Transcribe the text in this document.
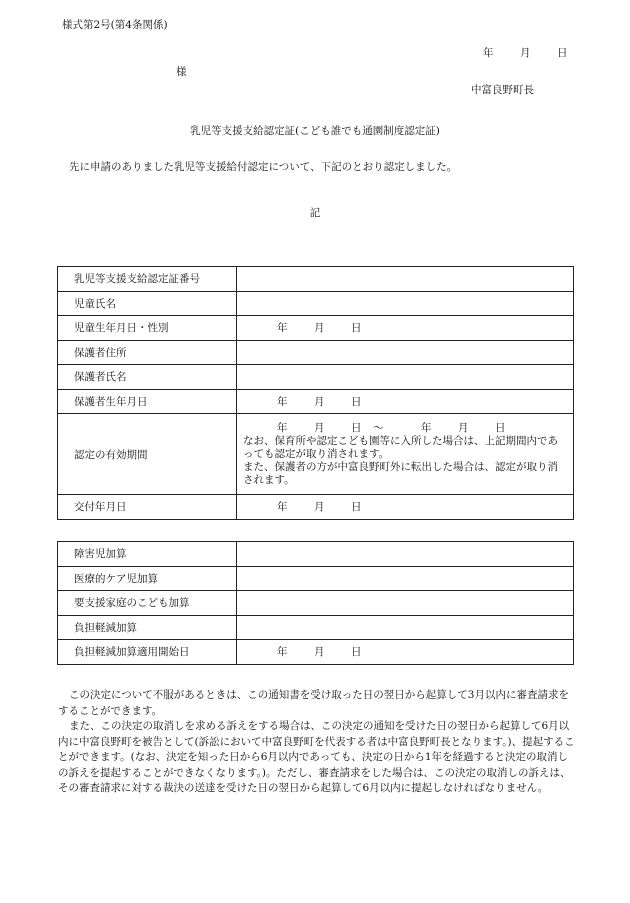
様式第2号(第4条関係)
年	月	日
様
中富良野町長
乳児等支援支給認定証(こども誰でも通園制度認定証)
先に申請のありました乳児等支援給付認定について、下記のとおり認定しました。
記
乳児等支援支給認定証番号	
児童氏名	
児童生年月日・性別	年 月 日
保護者住所	
保護者氏名	
保護者生年月日	年 月 日
認定の有効期間	年 月 日 ～ 年 月 日
なお、保育所や認定こども園等に入所した場合は、上記期間内であっても認定が取り消されます。
また、保護者の方が中富良野町外に転出した場合は、認定が取り消されます。

交付年月日	年 月 日
障害児加算	
医療的ケア児加算	
要支援家庭のこども加算	
負担軽減加算	
負担軽減加算適用開始日	年 月 日

この決定について不服があるときは、この通知書を受け取った日の翌日から起算して3月以内に審査請求をすることができます。

また、この決定の取消しを求める訴えをする場合は、この決定の通知を受けた日の翌日から起算して6月以内に中富良野町を被告として(訴訟において中富良野町を代表する者は中富良野町長となります。)、提起することができます。(なお、決定を知った日から6月以内であっても、決定の日から1年を経過すると決定の取消しの訴えを提起することができなくなります。)。ただし、審査請求をした場合は、この決定の取消しの訴えは、その審査請求に対する裁決の送達を受けた日の翌日から起算して6月以内に提起しなければなりません。
